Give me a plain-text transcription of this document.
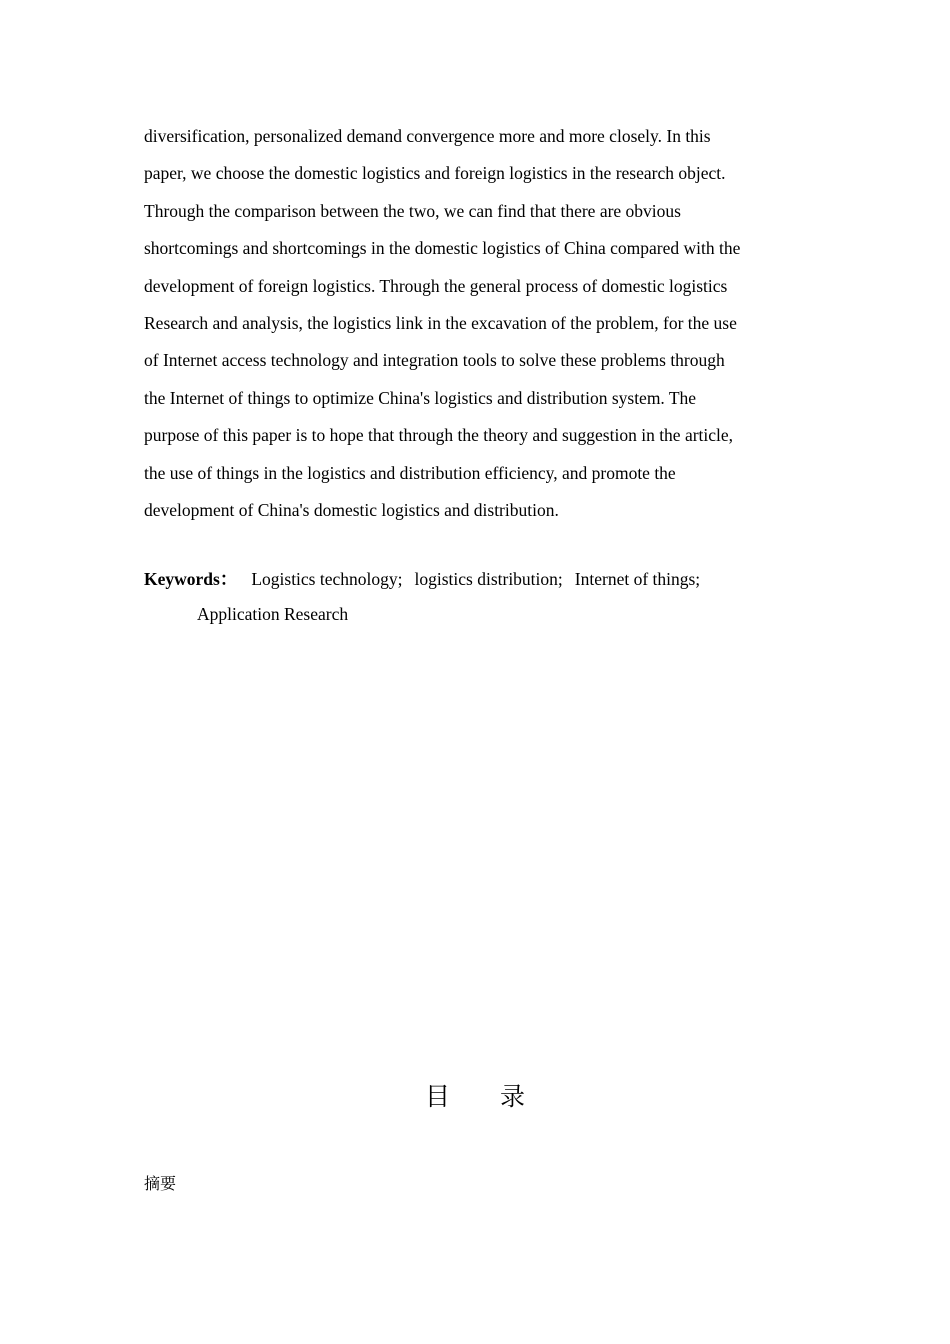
diversification, personalized demand convergence more and more closely. In this
paper, we choose the domestic logistics and foreign logistics in the research object.
Through the comparison between the two, we can find that there are obvious
shortcomings and shortcomings in the domestic logistics of China compared with the
development of foreign logistics. Through the general process of domestic logistics
Research and analysis, the logistics link in the excavation of the problem, for the use
of Internet access technology and integration tools to solve these problems through
the Internet of things to optimize China's logistics and distribution system. The
purpose of this paper is to hope that through the theory and suggestion in the article,
the use of things in the logistics and distribution efficiency, and promote the
development of China's domestic logistics and distribution.
Keywords： Logistics technology; logistics distribution; Internet of things;
Application Research
目 录
摘要
